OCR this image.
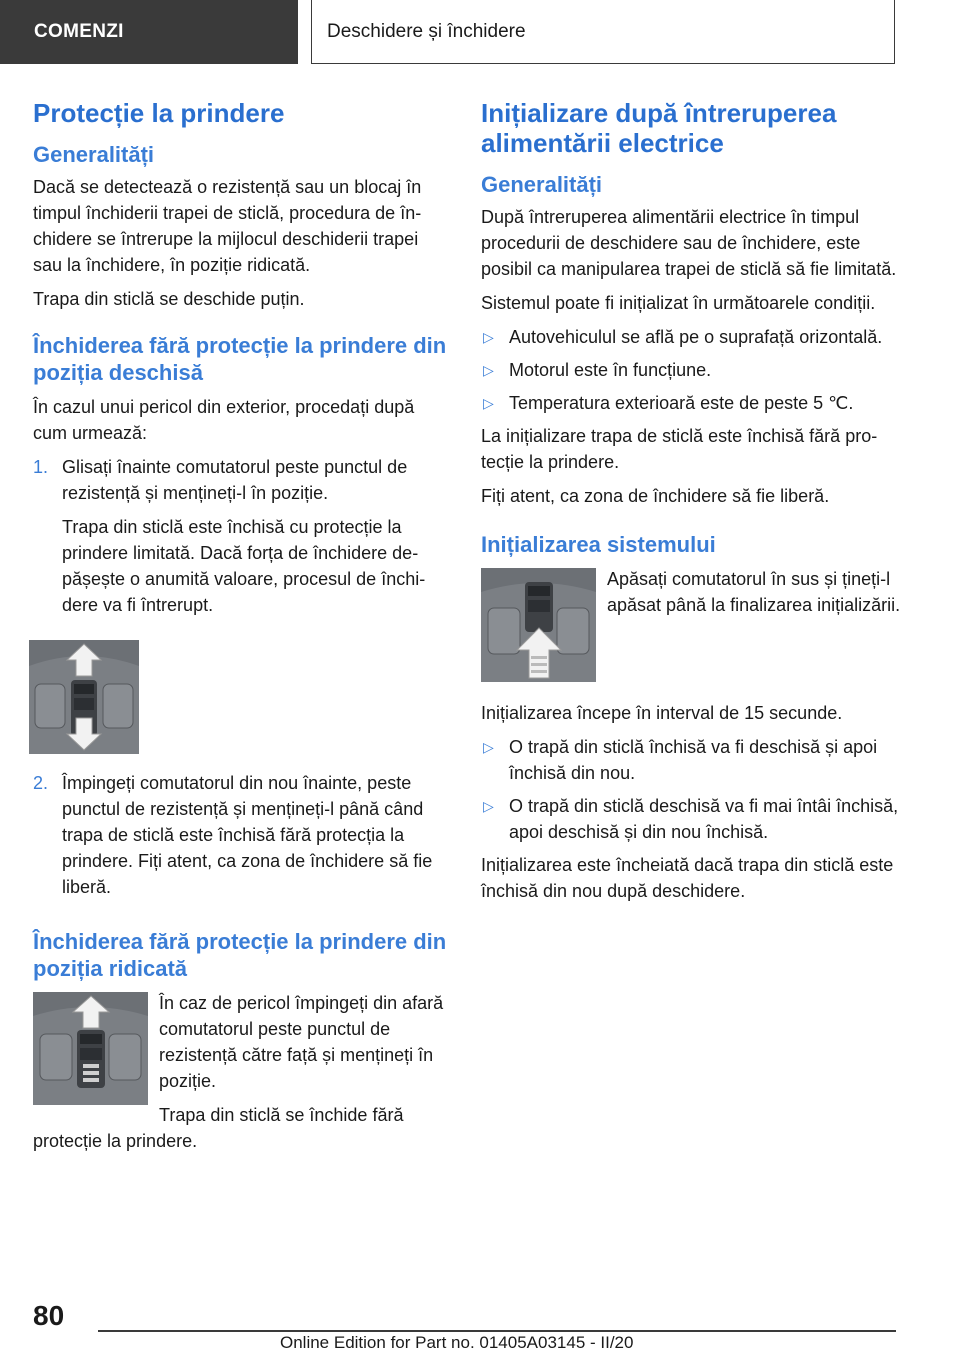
COMENZI	Deschidere și închidere
Protecție la prindere
Generalități

Dacă se detectează o rezistență sau un blocaj în timpul închiderii trapei de sticlă, procedura de închidere se întrerupe la mijlocul deschiderii trapei sau la închidere, în poziție ridicată.

Trapa din sticlă se deschide puțin.

Închiderea fără protecție la prindere din poziția deschisă

În cazul unui pericol din exterior, procedați după cum urmează:

1. Glisați înainte comutatorul peste punctul de rezistență și mențineți-l în poziție.

Trapa din sticlă este închisă cu protecție la prindere limitată. Dacă forța de închidere depășește o anumită valoare, procesul de închidere va fi întrerupt.

2. Împingeți comutatorul din nou înainte, peste punctul de rezistență și mențineți-l până când trapa de sticlă este închisă fără protecția la prindere. Fiți atent, ca zona de închidere să fie liberă.

Închiderea fără protecție la prindere din poziția ridicată

În caz de pericol împingeți din afară comutatorul peste punctul de rezistență către față și mențineți în poziție.

Trapa din sticlă se închide fără protecție la prindere.

Inițializare după întreruperea alimentării electrice
Generalități

După întreruperea alimentării electrice în timpul procedurii de deschidere sau de închidere, este posibil ca manipularea trapei de sticlă să fie limitată.

Sistemul poate fi inițializat în următoarele condiții.

▷ Autovehiculul se află pe o suprafață orizontală.
▷ Motorul este în funcțiune.
▷ Temperatura exterioară este de peste 5 ℃.

La inițializare trapa de sticlă este închisă fără protecție la prindere.

Fiți atent, ca zona de închidere să fie liberă.

Inițializarea sistemului

Apăsați comutatorul în sus și țineți-l apăsat până la finalizarea inițializării.

Inițializarea începe în interval de 15 secunde.

▷ O trapă din sticlă închisă va fi deschisă și apoi închisă din nou.
▷ O trapă din sticlă deschisă va fi mai întâi închisă, apoi deschisă și din nou închisă.

Inițializarea este încheiată dacă trapa din sticlă este închisă din nou după deschidere.

80
Online Edition for Part no. 01405A03145 - II/20
